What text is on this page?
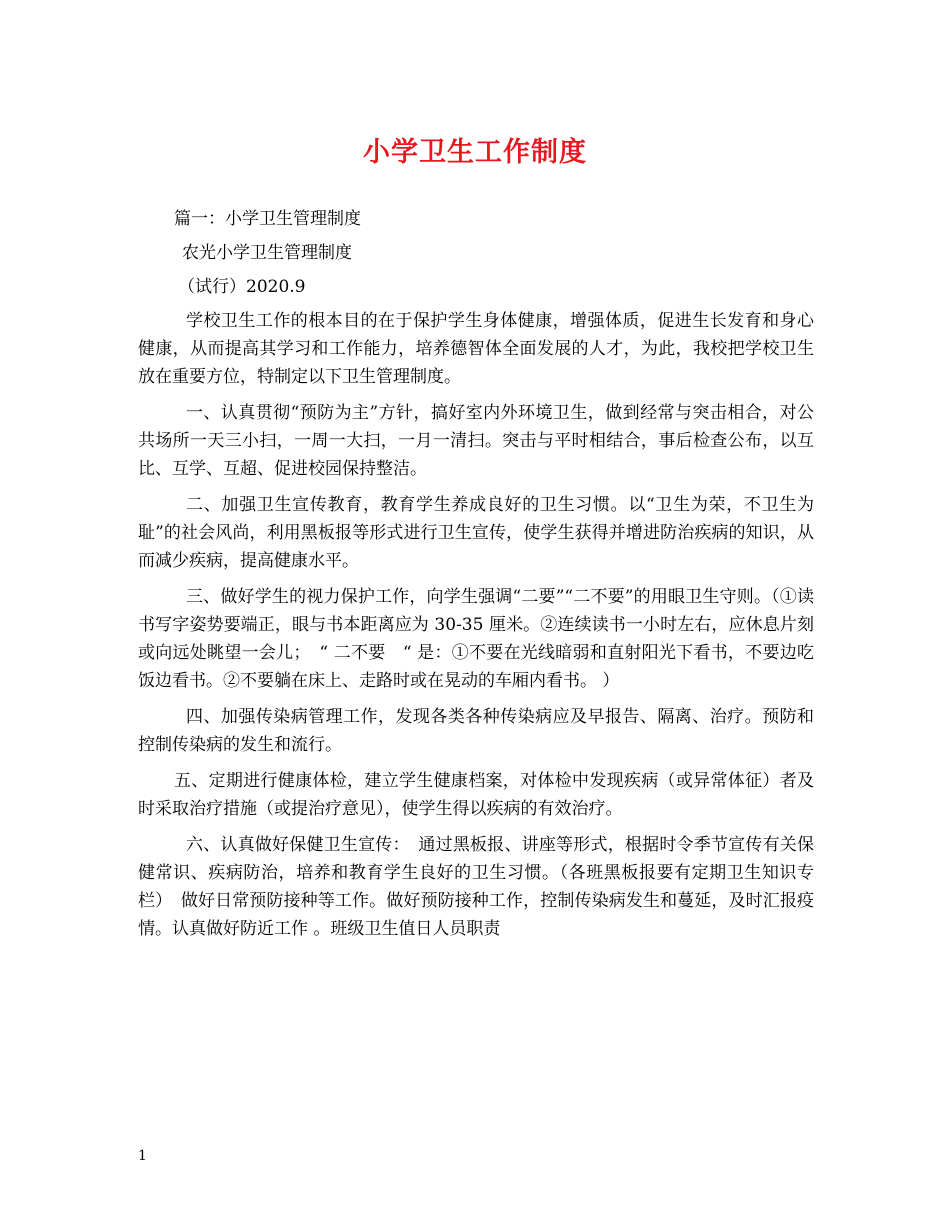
小学卫生工作制度

篇一：小学卫生管理制度

农光小学卫生管理制度

（试行）2020.9

学校卫生工作的根本目的在于保护学生身体健康，增强体质，促进生长发育和身心健康，从而提高其学习和工作能力，培养德智体全面发展的人才，为此，我校把学校卫生放在重要方位，特制定以下卫生管理制度。

一、认真贯彻“预防为主”方针，搞好室内外环境卫生，做到经常与突击相合，对公共场所一天三小扫，一周一大扫，一月一清扫。突击与平时相结合，事后检查公布，以互比、互学、互超、促进校园保持整洁。

二、加强卫生宣传教育，教育学生养成良好的卫生习惯。以“卫生为荣，不卫生为耻”的社会风尚，利用黑板报等形式进行卫生宣传，使学生获得并增进防治疾病的知识，从而减少疾病，提高健康水平。

三、做好学生的视力保护工作，向学生强调“二要”“二不要”的用眼卫生守则。（①读书写字姿势要端正，眼与书本距离应为 30-35 厘米。②连续读书一小时左右，应休息片刻或向远处眺望一会儿；　“ 二不要　“ 是：①不要在光线暗弱和直射阳光下看书，不要边吃饭边看书。②不要躺在床上、走路时或在晃动的车厢内看书。 ）

四、加强传染病管理工作，发现各类各种传染病应及早报告、隔离、治疗。预防和控制传染病的发生和流行。

五、定期进行健康体检，建立学生健康档案，对体检中发现疾病（或异常体征）者及时采取治疗措施（或提治疗意见），使学生得以疾病的有效治疗。

六、认真做好保健卫生宣传：　通过黑板报、讲座等形式，根据时令季节宣传有关保健常识、疾病防治，培养和教育学生良好的卫生习惯。（各班黑板报要有定期卫生知识专栏）　做好日常预防接种等工作。做好预防接种工作，控制传染病发生和蔓延，及时汇报疫情。认真做好防近工作 。班级卫生值日人员职责

1
